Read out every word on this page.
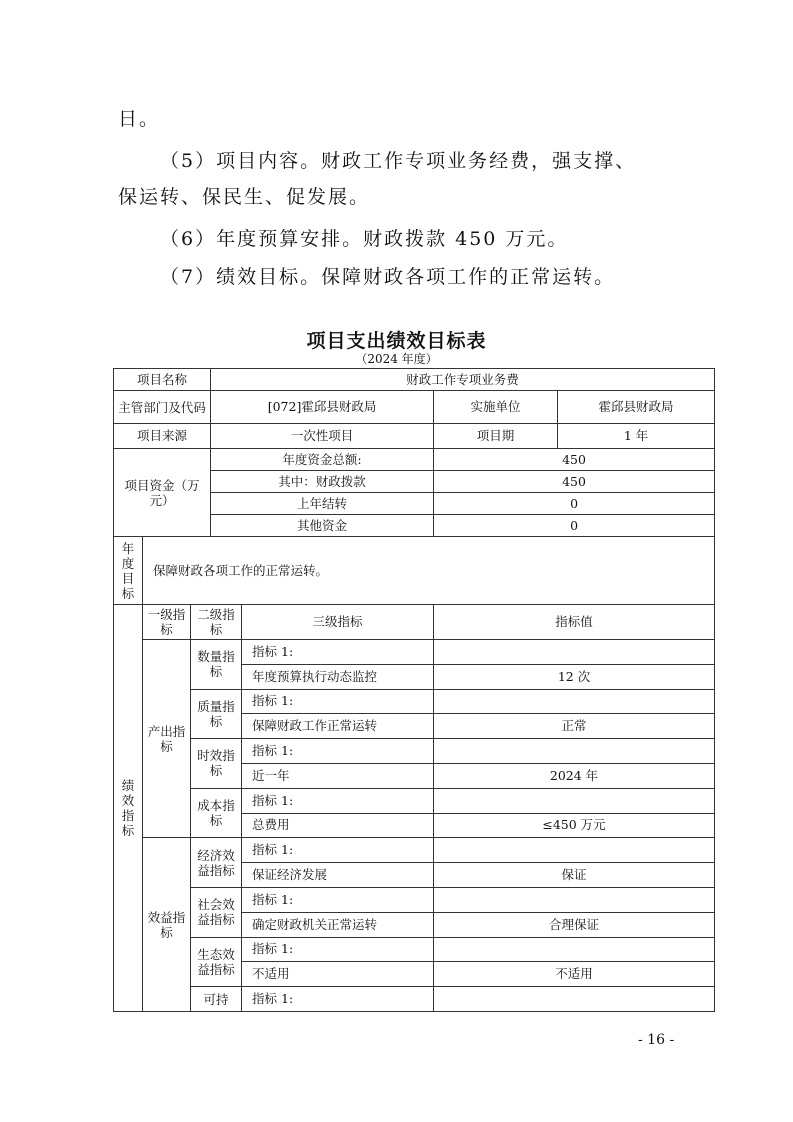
日。
（5）项目内容。财政工作专项业务经费，强支撑、
保运转、保民生、促发展。
（6）年度预算安排。财政拨款 450 万元。
（7）绩效目标。保障财政各项工作的正常运转。
项目支出绩效目标表
（2024 年度）
项目名称			财政工作专项业务费			
主管部门及代码			[072]霍邱县财政局		实施单位	霍邱县财政局
项目来源			一次性项目		项目期	1 年
项目资金（万元）			年度资金总额:		450	
			其中：财政拨款		450	
			上年结转		0	
			其他资金		0	
年度目标	保障财政各项工作的正常运转。					
绩效指标	一级指标	二级指标		三级指标	指标值	
	产出指标	数量指标		指标 1:		
				年度预算执行动态监控	12 次	
		质量指标		指标 1:		
				保障财政工作正常运转	正常	
		时效指标		指标 1:		
				近一年	2024 年	
		成本指标		指标 1:		
				总费用	≤450 万元	
	效益指标	经济效益指标		指标 1:		
				保证经济发展	保证	
		社会效益指标		指标 1:		
				确定财政机关正常运转	合理保证	
		生态效益指标		指标 1:		
				不适用	不适用	
		可持		指标 1:		
- 16 -
